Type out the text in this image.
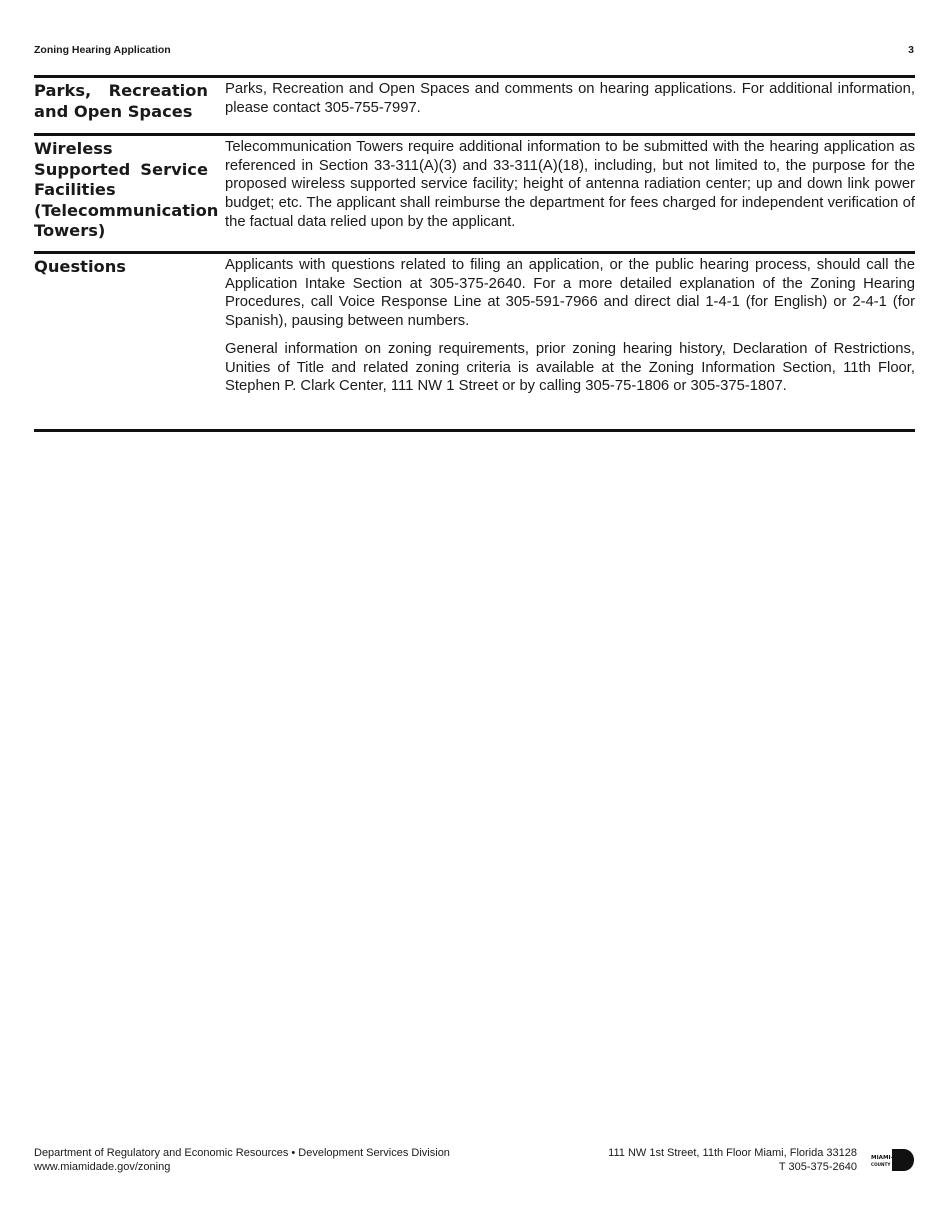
Zoning Hearing Application	3
Parks, Recreation and Open Spaces

Parks, Recreation and Open Spaces and comments on hearing applications. For additional information, please contact 305-755-7997.

Wireless Supported Service Facilities (Telecommunication Towers)

Telecommunication Towers require additional information to be submitted with the hearing application as referenced in Section 33-311(A)(3) and 33-311(A)(18), including, but not limited to, the purpose for the proposed wireless supported service facility; height of antenna radiation center; up and down link power budget; etc. The applicant shall reimburse the department for fees charged for independent verification of the factual data relied upon by the applicant.

Questions	Applicants with questions related to filing an application, or the public hearing process, should call the Application Intake Section at 305-375-2640. For a more detailed explanation of the Zoning Hearing Procedures, call Voice Response Line at 305-591-7966 and direct dial 1-4-1 (for English) or 2-4-1 (for Spanish), pausing between numbers.

General information on zoning requirements, prior zoning hearing history, Declaration of Restrictions, Unities of Title and related zoning criteria is available at the Zoning Information Section, 11th Floor, Stephen P. Clark Center, 111 NW 1 Street or by calling 305-75-1806 or 305-375-1807.

Department of Regulatory and Economic Resources • Development Services Division
www.miamidade.gov/zoning
111 NW 1st Street, 11th Floor Miami, Florida 33128
T 305-375-2640
MIAMI-DADE
COUNTY
